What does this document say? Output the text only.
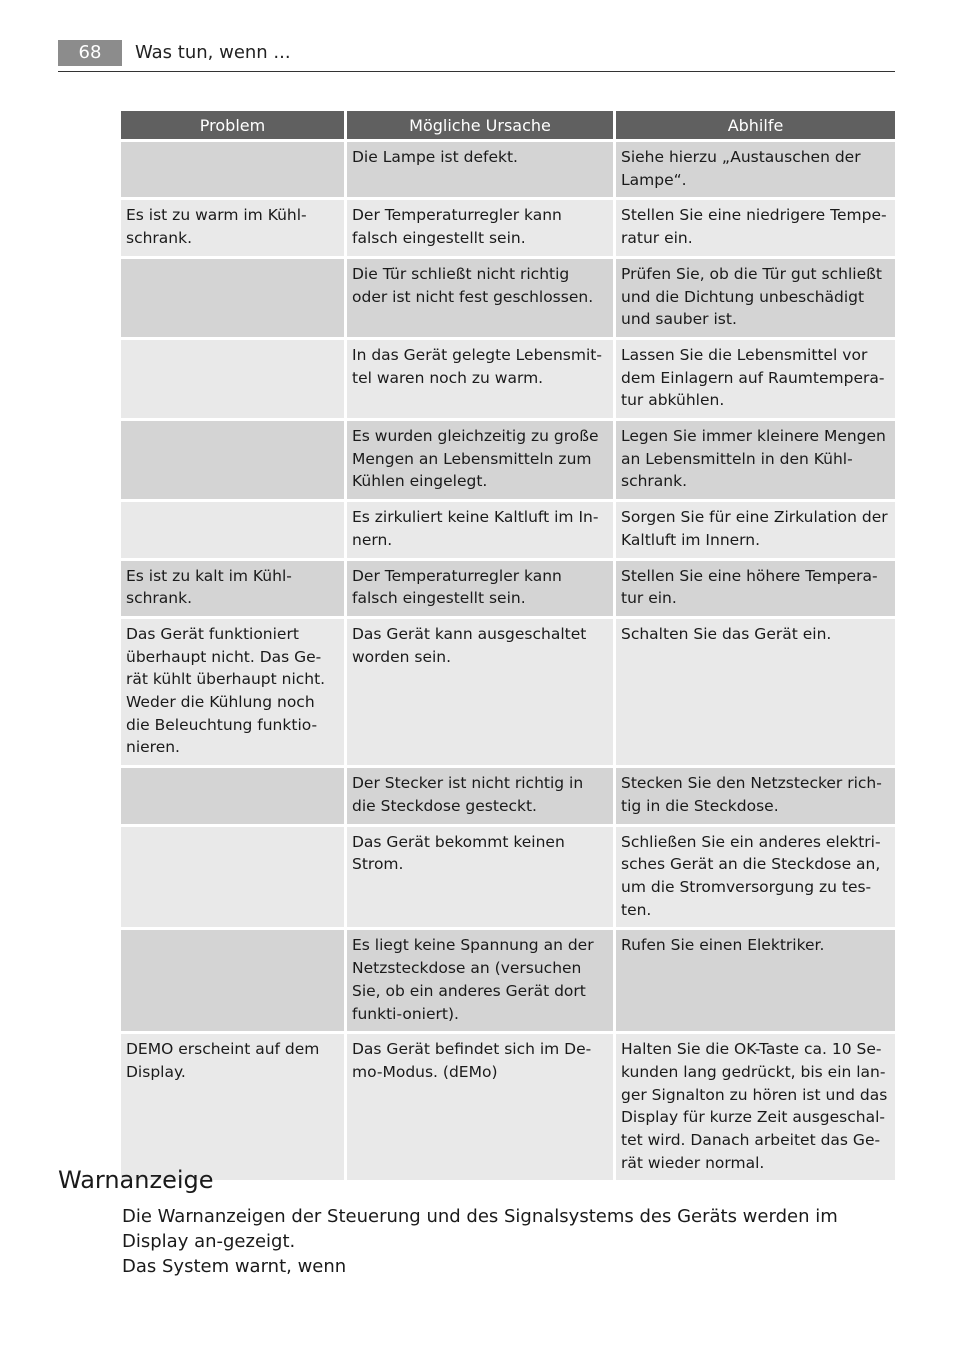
68	Was tun, wenn ...
Problem	Mögliche Ursache	Abhilfe
	Die Lampe ist defekt.	Siehe hierzu „Austauschen der Lampe“.
Es ist zu warm im Kühl-schrank.	Der Temperaturregler kann falsch eingestellt sein.	Stellen Sie eine niedrigere Tempe-ratur ein.
	Die Tür schließt nicht richtig oder ist nicht fest geschlossen.	Prüfen Sie, ob die Tür gut schließt und die Dichtung unbeschädigt und sauber ist.
	In das Gerät gelegte Lebensmit-tel waren noch zu warm.	Lassen Sie die Lebensmittel vor dem Einlagern auf Raumtempera-tur abkühlen.
	Es wurden gleichzeitig zu große Mengen an Lebensmitteln zum Kühlen eingelegt.	Legen Sie immer kleinere Mengen an Lebensmitteln in den Kühl-schrank.
	Es zirkuliert keine Kaltluft im In-nern.	Sorgen Sie für eine Zirkulation der Kaltluft im Innern.
Es ist zu kalt im Kühl-schrank.	Der Temperaturregler kann falsch eingestellt sein.	Stellen Sie eine höhere Tempera-tur ein.
Das Gerät funktioniert überhaupt nicht. Das Ge-rät kühlt überhaupt nicht. Weder die Kühlung noch die Beleuchtung funktio-nieren.	Das Gerät kann ausgeschaltet worden sein.	Schalten Sie das Gerät ein.
	Der Stecker ist nicht richtig in die Steckdose gesteckt.	Stecken Sie den Netzstecker rich-tig in die Steckdose.
	Das Gerät bekommt keinen Strom.	Schließen Sie ein anderes elektri-sches Gerät an die Steckdose an, um die Stromversorgung zu tes-ten.
	Es liegt keine Spannung an der Netzsteckdose an (versuchen Sie, ob ein anderes Gerät dort funkti-oniert).	Rufen Sie einen Elektriker.
DEMO erscheint auf dem Display.	Das Gerät befindet sich im De-mo-Modus. (dEMo)	Halten Sie die OK-Taste ca. 10 Se-kunden lang gedrückt, bis ein lan-ger Signalton zu hören ist und das Display für kurze Zeit ausgeschal-tet wird. Danach arbeitet das Ge-rät wieder normal.
Warnanzeige
Die Warnanzeigen der Steuerung und des Signalsystems des Geräts werden im Display an-gezeigt.
Das System warnt, wenn
